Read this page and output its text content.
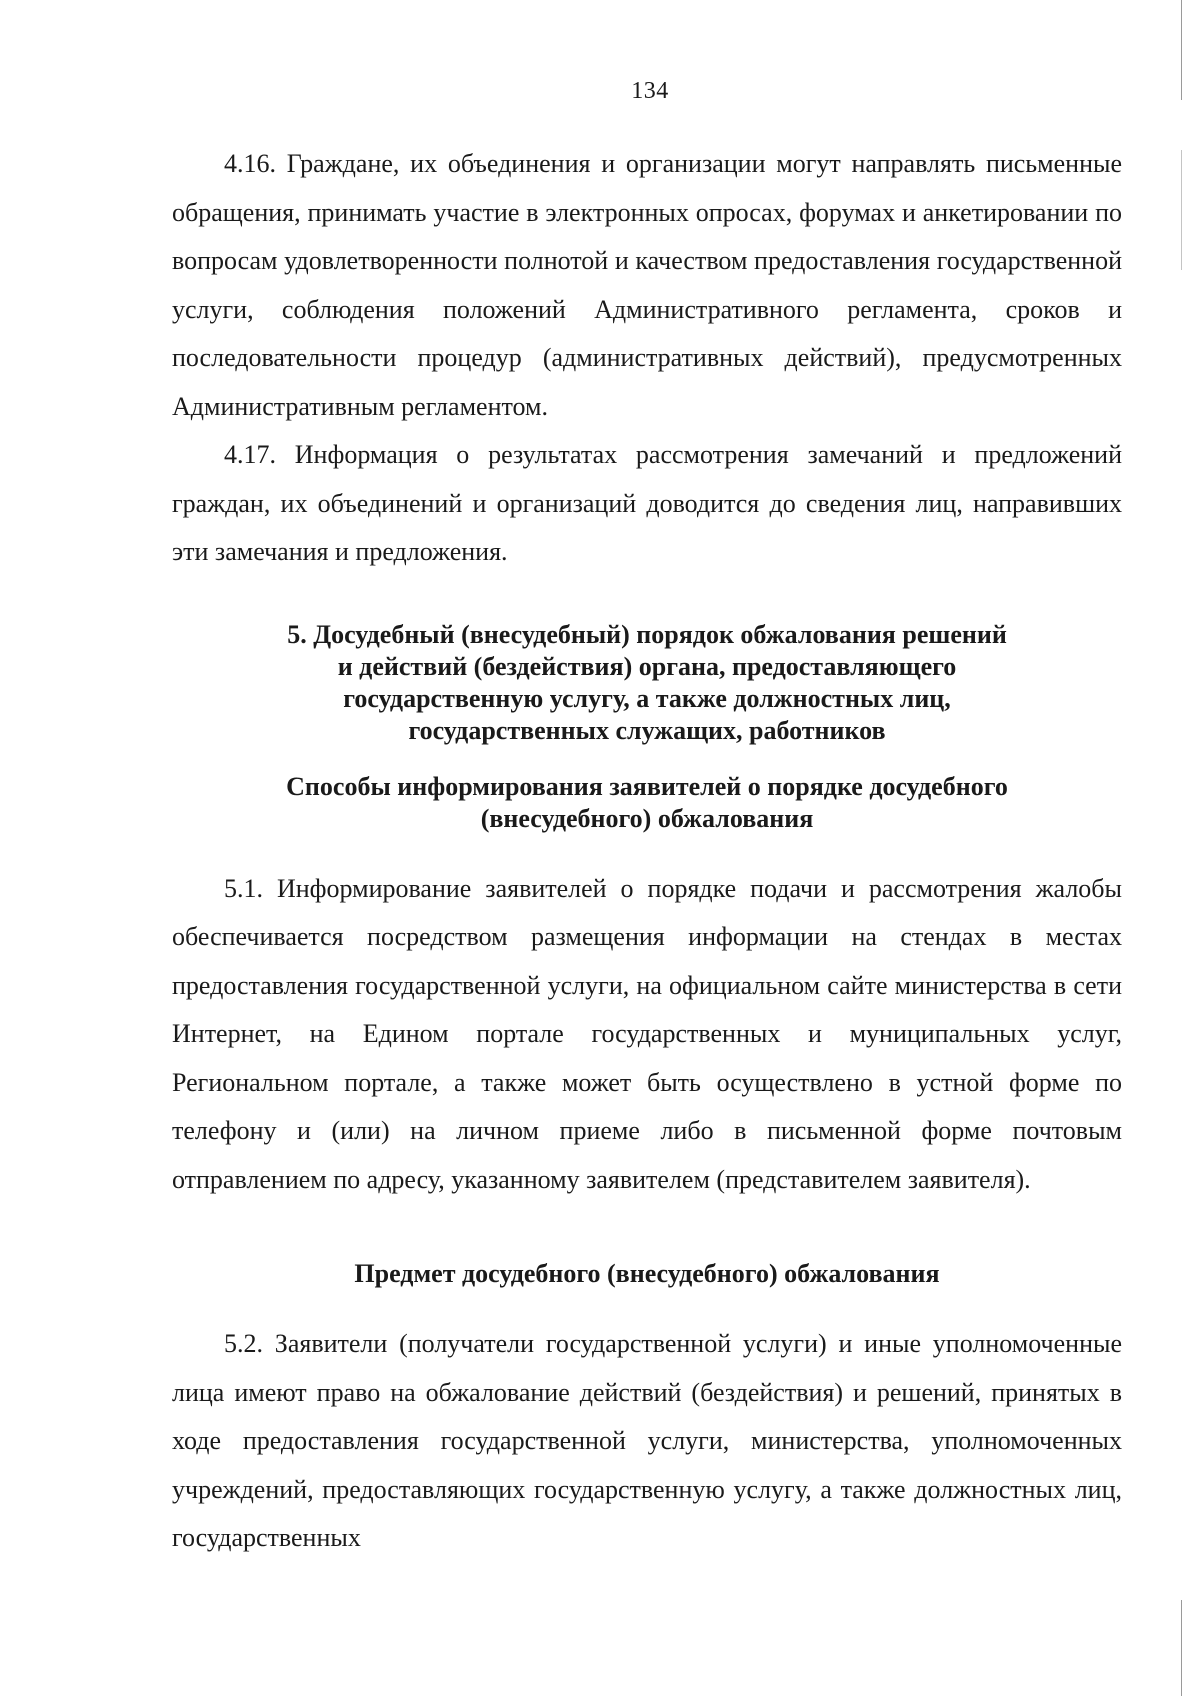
134

4.16. Граждане, их объединения и организации могут направлять письменные обращения, принимать участие в электронных опросах, форумах и анкетировании по вопросам удовлетворенности полнотой и качеством предоставления государственной услуги, соблюдения положений Административного регламента, сроков и последовательности процедур (административных действий), предусмотренных Административным регламентом.

4.17. Информация о результатах рассмотрения замечаний и предложений граждан, их объединений и организаций доводится до сведения лиц, направивших эти замечания и предложения.

5. Досудебный (внесудебный) порядок обжалования решений
и действий (бездействия) органа, предоставляющего
государственную услугу, а также должностных лиц,
государственных служащих, работников
Способы информирования заявителей о порядке досудебного
(внесудебного) обжалования

5.1. Информирование заявителей о порядке подачи и рассмотрения жалобы обеспечивается посредством размещения информации на стендах в местах предоставления государственной услуги, на официальном сайте министерства в сети Интернет, на Едином портале государственных и муниципальных услуг, Региональном портале, а также может быть осуществлено в устной форме по телефону и (или) на личном приеме либо в письменной форме почтовым отправлением по адресу, указанному заявителем (представителем заявителя).

Предмет досудебного (внесудебного) обжалования

5.2. Заявители (получатели государственной услуги) и иные уполномоченные лица имеют право на обжалование действий (бездействия) и решений, принятых в ходе предоставления государственной услуги, министерства, уполномоченных учреждений, предоставляющих государственную услугу, а также должностных лиц, государственных
